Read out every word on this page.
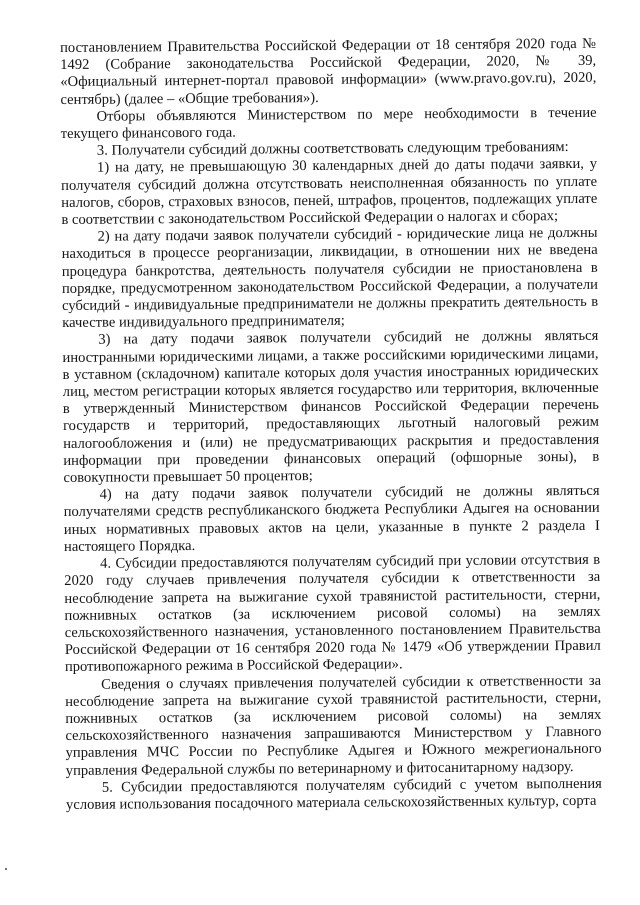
постановлением Правительства Российской Федерации от 18 сентября 2020 года № 1492 (Собрание законодательства Российской Федерации, 2020, № 39, «Официальный интернет-портал правовой информации» (www.pravo.gov.ru), 2020, сентябрь) (далее – «Общие требования»).

Отборы объявляются Министерством по мере необходимости в течение текущего финансового года.

3. Получатели субсидий должны соответствовать следующим требованиям:

1) на дату, не превышающую 30 календарных дней до даты подачи заявки, у получателя субсидий должна отсутствовать неисполненная обязанность по уплате налогов, сборов, страховых взносов, пеней, штрафов, процентов, подлежащих уплате в соответствии с законодательством Российской Федерации о налогах и сборах;

2) на дату подачи заявок получатели субсидий - юридические лица не должны находиться в процессе реорганизации, ликвидации, в отношении них не введена процедура банкротства, деятельность получателя субсидии не приостановлена в порядке, предусмотренном законодательством Российской Федерации, а получатели субсидий - индивидуальные предприниматели не должны прекратить деятельность в качестве индивидуального предпринимателя;

3) на дату подачи заявок получатели субсидий не должны являться иностранными юридическими лицами, а также российскими юридическими лицами, в уставном (складочном) капитале которых доля участия иностранных юридических лиц, местом регистрации которых является государство или территория, включенные в утвержденный Министерством финансов Российской Федерации перечень государств и территорий, предоставляющих льготный налоговый режим налогообложения и (или) не предусматривающих раскрытия и предоставления информации при проведении финансовых операций (офшорные зоны), в совокупности превышает 50 процентов;

4) на дату подачи заявок получатели субсидий не должны являться получателями средств республиканского бюджета Республики Адыгея на основании иных нормативных правовых актов на цели, указанные в пункте 2 раздела I настоящего Порядка.

4. Субсидии предоставляются получателям субсидий при условии отсутствия в 2020 году случаев привлечения получателя субсидии к ответственности за несоблюдение запрета на выжигание сухой травянистой растительности, стерни, пожнивных остатков (за исключением рисовой соломы) на землях сельскохозяйственного назначения, установленного постановлением Правительства Российской Федерации от 16 сентября 2020 года № 1479 «Об утверждении Правил противопожарного режима в Российской Федерации».

Сведения о случаях привлечения получателей субсидии к ответственности за несоблюдение запрета на выжигание сухой травянистой растительности, стерни, пожнивных остатков (за исключением рисовой соломы) на землях сельскохозяйственного назначения запрашиваются Министерством у Главного управления МЧС России по Республике Адыгея и Южного межрегионального управления Федеральной службы по ветеринарному и фитосанитарному надзору.

5. Субсидии предоставляются получателям субсидий с учетом выполнения условия использования посадочного материала сельскохозяйственных культур, сорта
